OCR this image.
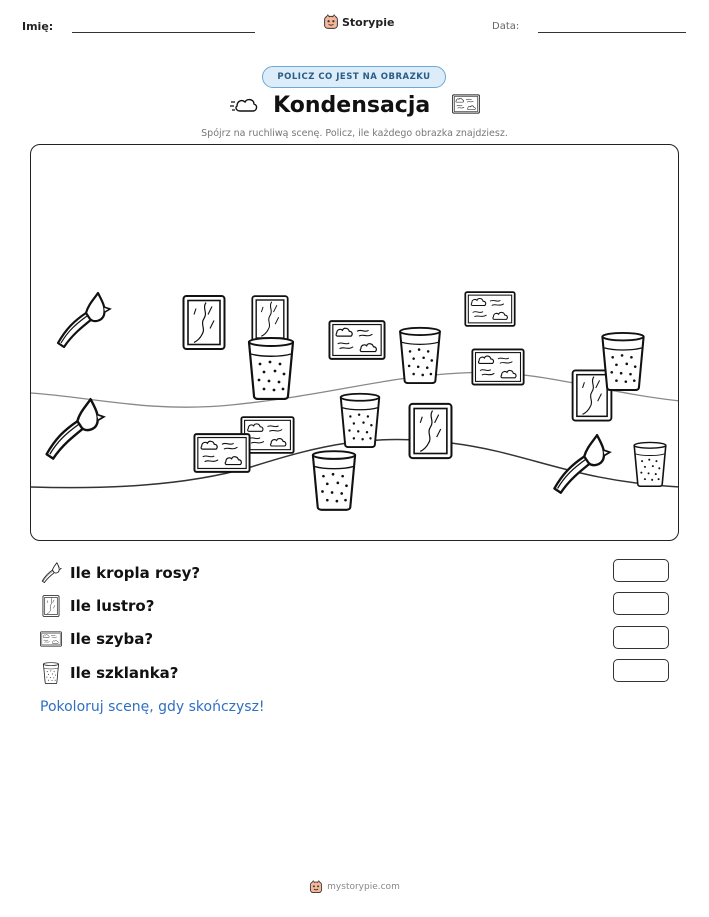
Imię:	Storypie	Data:
POLICZ CO JEST NA OBRAZKU
Kondensacja
Spójrz na ruchliwą scenę. Policz, ile każdego obrazka znajdziesz.
Ile kropla rosy?
Ile lustro?
Ile szyba?
Ile szklanka?
Pokoloruj scenę, gdy skończysz!
mystorypie.com
